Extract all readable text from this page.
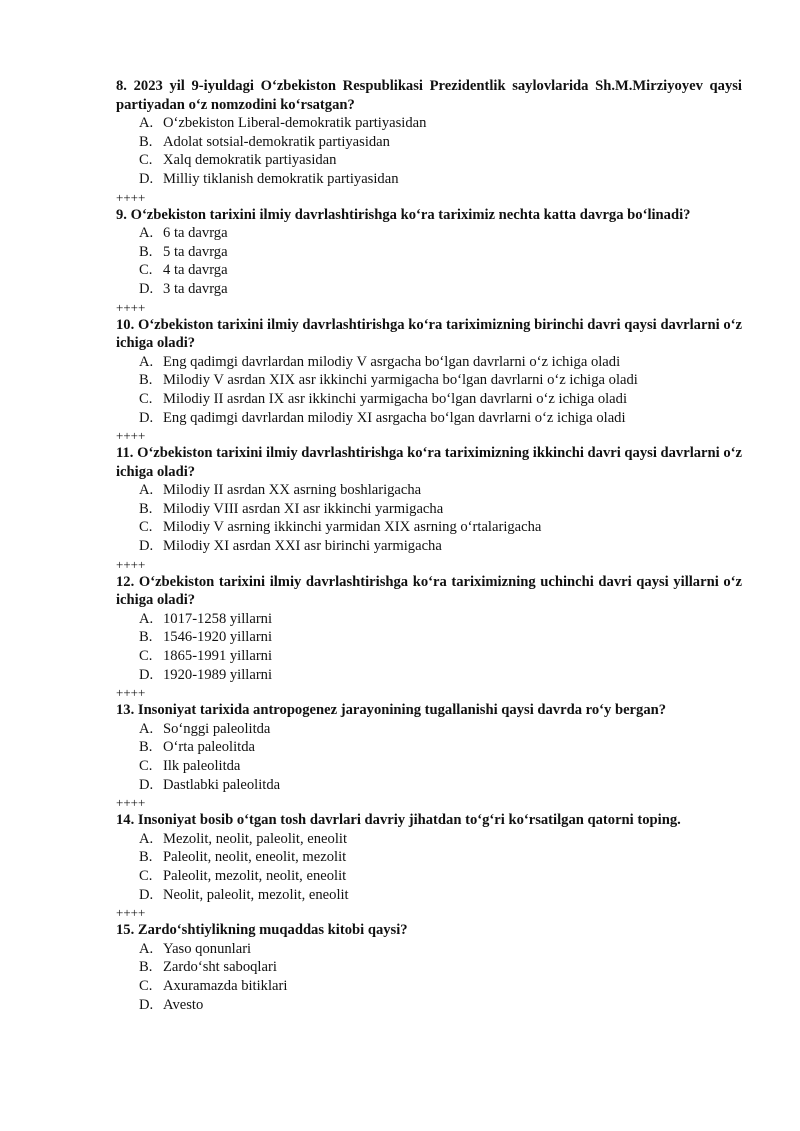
8. 2023 yil 9-iyuldagi O‘zbekiston Respublikasi Prezidentlik saylovlarida Sh.M.Mirziyoyev qaysi partiyadan o‘z nomzodini ko‘rsatgan?

A. O‘zbekiston Liberal-demokratik partiyasidan
B. Adolat sotsial-demokratik partiyasidan
C. Xalq demokratik partiyasidan
D. Milliy tiklanish demokratik partiyasidan
++++

9. O‘zbekiston tarixini ilmiy davrlashtirishga ko‘ra tariximiz nechta katta davrga bo‘linadi?

A. 6 ta davrga
B. 5 ta davrga
C. 4 ta davrga
D. 3 ta davrga
++++

10. O‘zbekiston tarixini ilmiy davrlashtirishga ko‘ra tariximizning birinchi davri qaysi davrlarni o‘z ichiga oladi?

A. Eng qadimgi davrlardan milodiy V asrgacha bo‘lgan davrlarni o‘z ichiga oladi
B. Milodiy V asrdan XIX asr ikkinchi yarmigacha bo‘lgan davrlarni o‘z ichiga oladi
C. Milodiy II asrdan IX asr ikkinchi yarmigacha bo‘lgan davrlarni o‘z ichiga oladi
D. Eng qadimgi davrlardan milodiy XI asrgacha bo‘lgan davrlarni o‘z ichiga oladi
++++

11. O‘zbekiston tarixini ilmiy davrlashtirishga ko‘ra tariximizning ikkinchi davri qaysi davrlarni o‘z ichiga oladi?

A. Milodiy II asrdan XX asrning boshlarigacha
B. Milodiy VIII asrdan XI asr ikkinchi yarmigacha
C. Milodiy V asrning ikkinchi yarmidan XIX asrning o‘rtalarigacha
D. Milodiy XI asrdan XXI asr birinchi yarmigacha
++++

12. O‘zbekiston tarixini ilmiy davrlashtirishga ko‘ra tariximizning uchinchi davri qaysi yillarni o‘z ichiga oladi?

A. 1017-1258 yillarni
B. 1546-1920 yillarni
C. 1865-1991 yillarni
D. 1920-1989 yillarni
++++

13. Insoniyat tarixida antropogenez jarayonining tugallanishi qaysi davrda ro‘y bergan?

A. So‘nggi paleolitda
B. O‘rta paleolitda
C. Ilk paleolitda
D. Dastlabki paleolitda
++++

14. Insoniyat bosib o‘tgan tosh davrlari davriy jihatdan to‘g‘ri ko‘rsatilgan qatorni toping.

A. Mezolit, neolit, paleolit, eneolit
B. Paleolit, neolit, eneolit, mezolit
C. Paleolit, mezolit, neolit, eneolit
D. Neolit, paleolit, mezolit, eneolit
++++

15. Zardo‘shtiylikning muqaddas kitobi qaysi?

A. Yaso qonunlari
B. Zardo‘sht saboqlari
C. Axuramazda bitiklari
D. Avesto
